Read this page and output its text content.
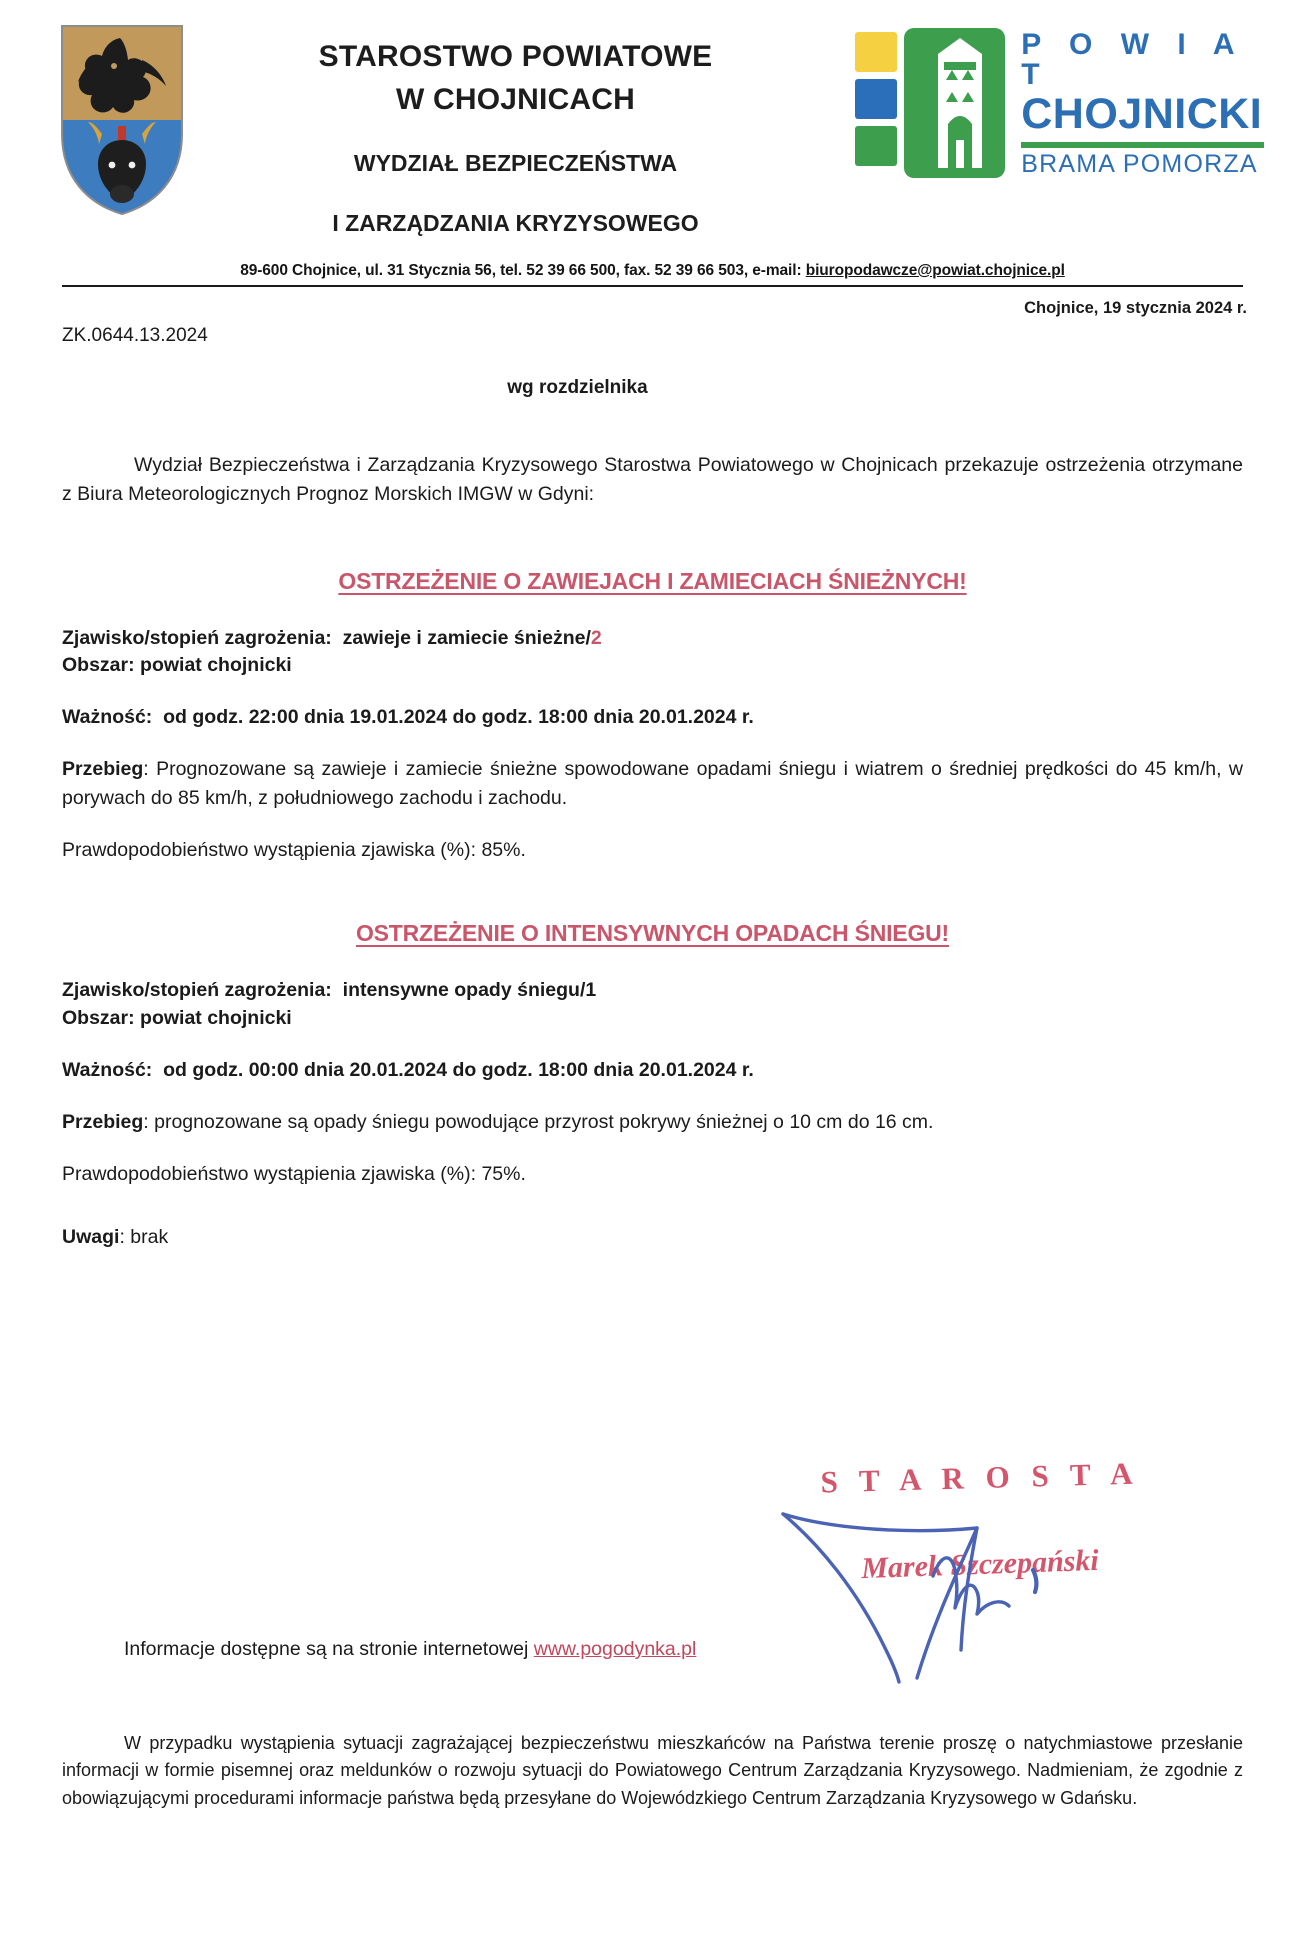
STAROSTWO POWIATOWE
W CHOJNICACH
WYDZIAŁ BEZPIECZEŃSTWA
I ZARZĄDZANIA KRYZYSOWEGO
P O W I A T
CHOJNICKI
BRAMA POMORZA
89-600 Chojnice, ul. 31 Stycznia 56, tel. 52 39 66 500, fax. 52 39 66 503, e-mail: biuropodawcze@powiat.chojnice.pl
Chojnice, 19 stycznia 2024 r.
ZK.0644.13.2024
wg rozdzielnika

Wydział Bezpieczeństwa i Zarządzania Kryzysowego Starostwa Powiatowego w Chojnicach przekazuje ostrzeżenia otrzymane z Biura Meteorologicznych Prognoz Morskich IMGW w Gdyni:

OSTRZEŻENIE O ZAWIEJACH I ZAMIECIACH ŚNIEŻNYCH!
Zjawisko/stopień zagrożenia: zawieje i zamiecie śnieżne/2
Obszar: powiat chojnicki
Ważność: od godz. 22:00 dnia 19.01.2024 do godz. 18:00 dnia 20.01.2024 r.
Przebieg: Prognozowane są zawieje i zamiecie śnieżne spowodowane opadami śniegu i wiatrem o średniej prędkości do 45 km/h, w porywach do 85 km/h, z południowego zachodu i zachodu.
Prawdopodobieństwo wystąpienia zjawiska (%): 85%.
OSTRZEŻENIE O INTENSYWNYCH OPADACH ŚNIEGU!
Zjawisko/stopień zagrożenia: intensywne opady śniegu/1
Obszar: powiat chojnicki
Ważność: od godz. 00:00 dnia 20.01.2024 do godz. 18:00 dnia 20.01.2024 r.
Przebieg: prognozowane są opady śniegu powodujące przyrost pokrywy śnieżnej o 10 cm do 16 cm.
Prawdopodobieństwo wystąpienia zjawiska (%): 75%.
Uwagi: brak
S T A R O S T A
Marek Szczepański
Informacje dostępne są na stronie internetowej www.pogodynka.pl

W przypadku wystąpienia sytuacji zagrażającej bezpieczeństwu mieszkańców na Państwa terenie proszę o natychmiastowe przesłanie informacji w formie pisemnej oraz meldunków o rozwoju sytuacji do Powiatowego Centrum Zarządzania Kryzysowego. Nadmieniam, że zgodnie z obowiązującymi procedurami informacje państwa będą przesyłane do Wojewódzkiego Centrum Zarządzania Kryzysowego w Gdańsku.
